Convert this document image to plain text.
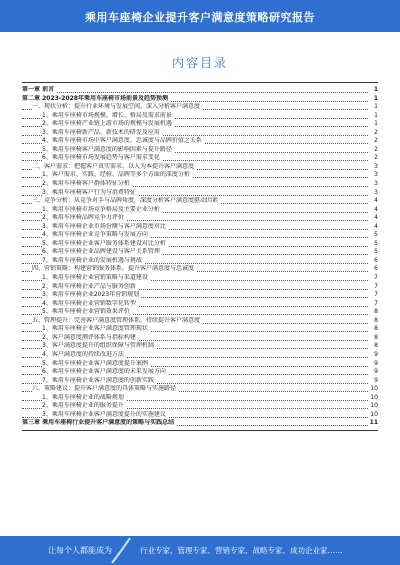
乘用车座椅企业提升客户满意度策略研究报告
内容目录
第一章 前言	1
第二章 2023-2028年乘用车座椅市场前景及趋势预测	1
一、现状分析：提升行业环境与发展空间，深入分析客户满意度	1
1、乘用车座椅市场规模、增长、格局及需求前景	1
2、乘用车座椅产业链上游市场的规模与发展机遇	1
3、乘用车座椅新产品、新技术的研发及应用	2
4、乘用车座椅市场中客户满意度、忠诚度与品牌价值之关系	2
5、乘用车座椅客户满意度的影响因素与提升路径	2
6、乘用车座椅市场发展趋势与客户需求变化	2
二、客户需求：把握客户真实需求，以人为本提升客户满意度	3
1、客户需求、实践、经验、品牌等多个方面的深度分析	3
2、乘用车座椅客户群体特征分析	3
3、乘用车座椅客户行为与消费特征	3
三、竞争分析：从竞争对手与品牌角度，深度分析客户满意度驱动因素	4
1、乘用车座椅市场竞争格局及主要企业分析	4
2、乘用车座椅品牌竞争力评价	4
3、乘用车座椅企业市场份额与客户满意度对比	4
4、乘用车座椅企业竞争策略与发展方向	5
5、乘用车座椅企业客户服务体系建设对比分析	5
6、乘用车座椅企业品牌建设与客户关系管理	5
7、乘用车座椅企业的发展机遇与挑战	6
四、营销策略：构建营销服务体系，提升客户满意度与忠诚度	6
1、乘用车座椅企业营销策略与渠道建设	7
2、乘用车座椅企业产品与服务创新	7
3、乘用车座椅企业2023年营销规划	7
4、乘用车座椅企业营销数字化转型	7
5、乘用车座椅企业营销效果评价	8
五、管理提升：完善客户满意度管理体系，持续提升客户满意度	8
1、乘用车座椅企业客户满意度管理现状	8
2、客户满意度测评体系与指标构建	8
3、客户满意度提升的组织保障与管理机制	8
4、客户满意度的持续改进方法	9
5、乘用车座椅企业客户满意度提升案例	9
6、乘用车座椅企业客户满意度的未来发展方向	9
7、乘用车座椅企业客户满意度的创新实践	9
六、策略建议：提升客户满意度的具体策略与实施路径	10
1、乘用车座椅企业的战略规划	10
2、乘用车座椅企业的服务提升	10
3、乘用车座椅企业客户满意度提升的实施建议	10
第三章 乘用车座椅行业提升客户满意度的策略与实践总结	11
让每个人都能成为	行业专家、管理专家、营销专家、战略专家、成功企业家……
